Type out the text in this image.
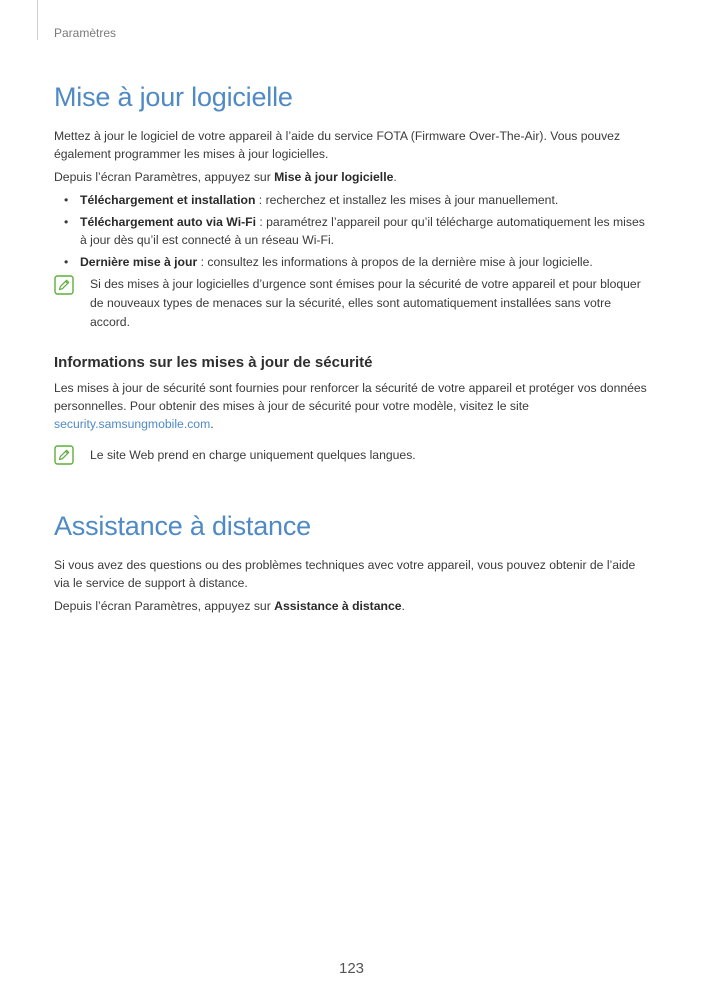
Paramètres
Mise à jour logicielle

Mettez à jour le logiciel de votre appareil à l’aide du service FOTA (Firmware Over-The-Air). Vous pouvez également programmer les mises à jour logicielles.

Depuis l’écran Paramètres, appuyez sur Mise à jour logicielle.

• Téléchargement et installation : recherchez et installez les mises à jour manuellement.
• Téléchargement auto via Wi-Fi : paramétrez l’appareil pour qu’il télécharge automatiquement les mises à jour dès qu’il est connecté à un réseau Wi-Fi.
• Dernière mise à jour : consultez les informations à propos de la dernière mise à jour logicielle.

Si des mises à jour logicielles d’urgence sont émises pour la sécurité de votre appareil et pour bloquer de nouveaux types de menaces sur la sécurité, elles sont automatiquement installées sans votre accord.

Informations sur les mises à jour de sécurité

Les mises à jour de sécurité sont fournies pour renforcer la sécurité de votre appareil et protéger vos données personnelles. Pour obtenir des mises à jour de sécurité pour votre modèle, visitez le site security.samsungmobile.com.

Le site Web prend en charge uniquement quelques langues.

Assistance à distance

Si vous avez des questions ou des problèmes techniques avec votre appareil, vous pouvez obtenir de l’aide via le service de support à distance.

Depuis l’écran Paramètres, appuyez sur Assistance à distance.

123
